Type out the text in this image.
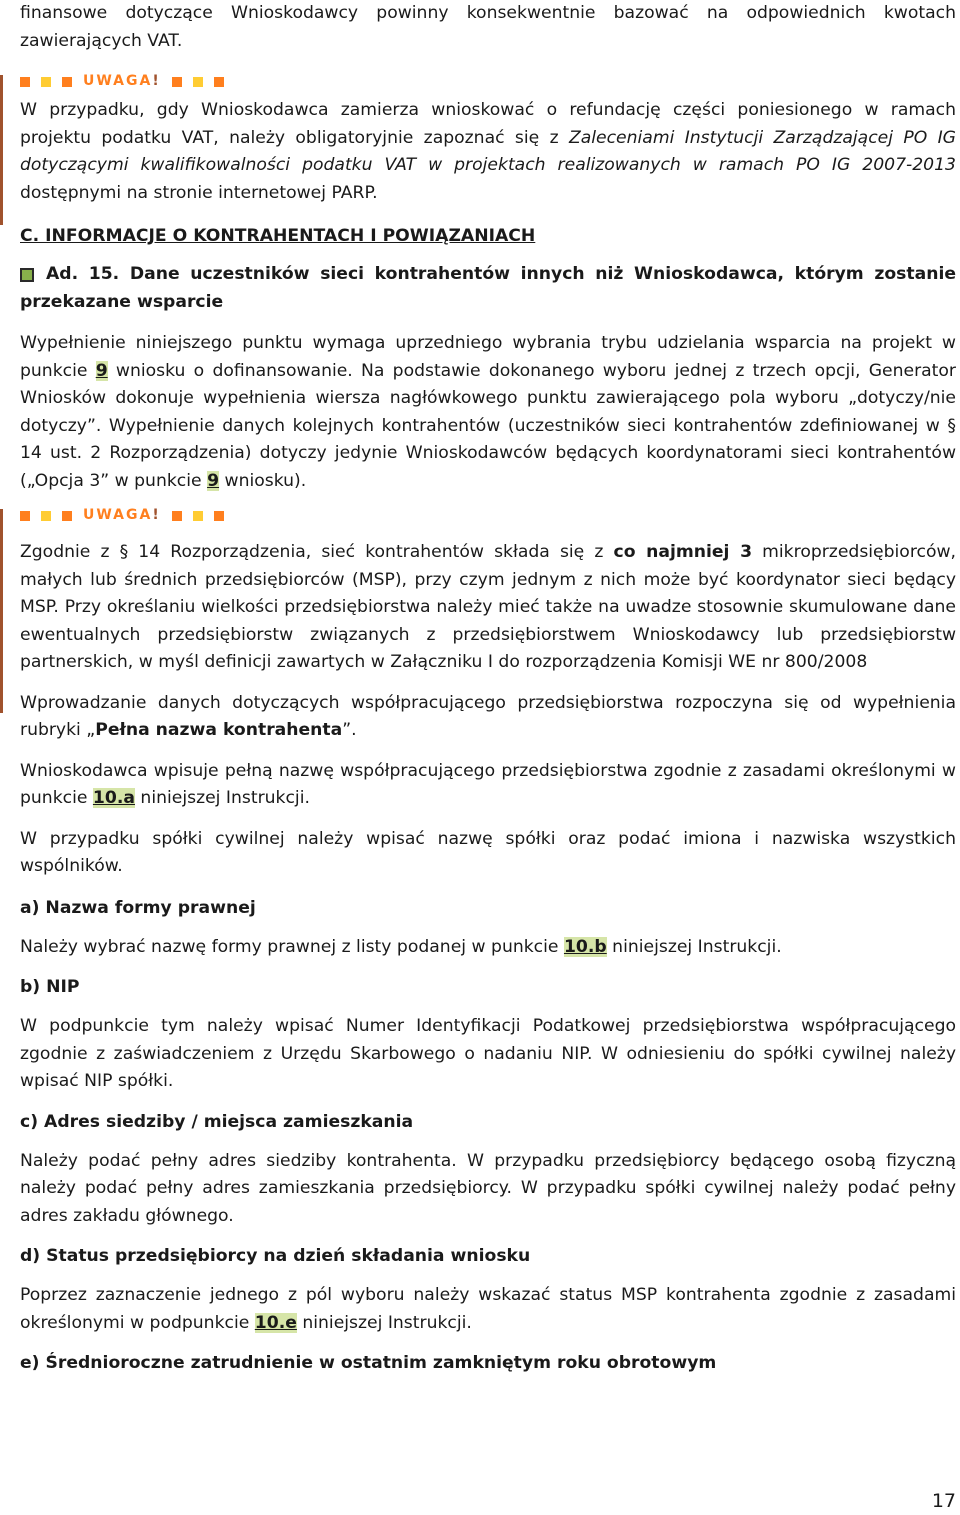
finansowe dotyczące Wnioskodawcy powinny konsekwentnie bazować na odpowiednich kwotach zawierających VAT.

UWAGA!

W przypadku, gdy Wnioskodawca zamierza wnioskować o refundację części poniesionego w ramach projektu podatku VAT, należy obligatoryjnie zapoznać się z Zaleceniami Instytucji Zarządzającej PO IG dotyczącymi kwalifikowalności podatku VAT w projektach realizowanych w ramach PO IG 2007-2013 dostępnymi na stronie internetowej PARP.

C. INFORMACJE O KONTRAHENTACH I POWIĄZANIACH

Ad. 15. Dane uczestników sieci kontrahentów innych niż Wnioskodawca, którym zostanie przekazane wsparcie

Wypełnienie niniejszego punktu wymaga uprzedniego wybrania trybu udzielania wsparcia na projekt w punkcie 9 wniosku o dofinansowanie. Na podstawie dokonanego wyboru jednej z trzech opcji, Generator Wniosków dokonuje wypełnienia wiersza nagłówkowego punktu zawierającego pola wyboru „dotyczy/nie dotyczy”. Wypełnienie danych kolejnych kontrahentów (uczestników sieci kontrahentów zdefiniowanej w § 14 ust. 2 Rozporządzenia) dotyczy jedynie Wnioskodawców będących koordynatorami sieci kontrahentów („Opcja 3” w punkcie 9 wniosku).

UWAGA!

Zgodnie z § 14 Rozporządzenia, sieć kontrahentów składa się z co najmniej 3 mikroprzedsiębiorców, małych lub średnich przedsiębiorców (MSP), przy czym jednym z nich może być koordynator sieci będący MSP. Przy określaniu wielkości przedsiębiorstwa należy mieć także na uwadze stosownie skumulowane dane ewentualnych przedsiębiorstw związanych z przedsiębiorstwem Wnioskodawcy lub przedsiębiorstw partnerskich, w myśl definicji zawartych w Załączniku I do rozporządzenia Komisji WE nr 800/2008

Wprowadzanie danych dotyczących współpracującego przedsiębiorstwa rozpoczyna się od wypełnienia rubryki „Pełna nazwa kontrahenta”.

Wnioskodawca wpisuje pełną nazwę współpracującego przedsiębiorstwa zgodnie z zasadami określonymi w punkcie 10.a niniejszej Instrukcji.

W przypadku spółki cywilnej należy wpisać nazwę spółki oraz podać imiona i nazwiska wszystkich wspólników.

a) Nazwa formy prawnej

Należy wybrać nazwę formy prawnej z listy podanej w punkcie 10.b niniejszej Instrukcji.

b) NIP

W podpunkcie tym należy wpisać Numer Identyfikacji Podatkowej przedsiębiorstwa współpracującego zgodnie z zaświadczeniem z Urzędu Skarbowego o nadaniu NIP. W odniesieniu do spółki cywilnej należy wpisać NIP spółki.

c) Adres siedziby / miejsca zamieszkania

Należy podać pełny adres siedziby kontrahenta. W przypadku przedsiębiorcy będącego osobą fizyczną należy podać pełny adres zamieszkania przedsiębiorcy. W przypadku spółki cywilnej należy podać pełny adres zakładu głównego.

d) Status przedsiębiorcy na dzień składania wniosku

Poprzez zaznaczenie jednego z pól wyboru należy wskazać status MSP kontrahenta zgodnie z zasadami określonymi w podpunkcie 10.e niniejszej Instrukcji.

e) Średnioroczne zatrudnienie w ostatnim zamkniętym roku obrotowym

17
